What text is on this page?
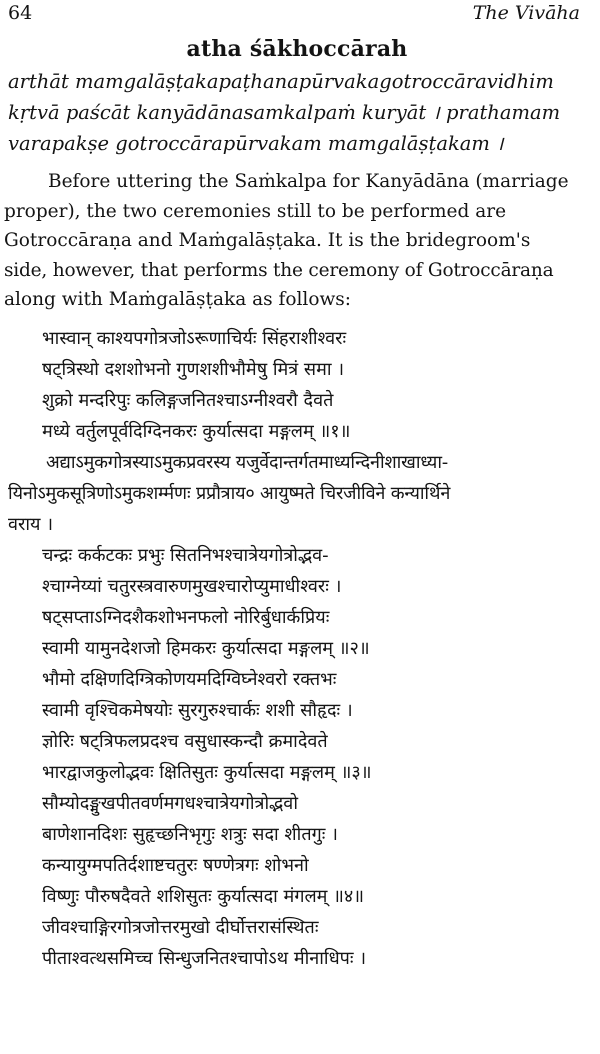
64	The Vivāha
atha śākhoccārah
arthāt mamgalāṣṭakapaṭhanapūrvakagotroccāravidhim
kṛtvā paścāt kanyādānasamkalpaṁ kuryāt । prathamam
varapakṣe gotroccārapūrvakam mamgalāṣṭakam ।
Before uttering the Saṁkalpa for Kanyādāna (marriage
proper), the two ceremonies still to be performed are
Gotroccāraṇa and Maṁgalāṣṭaka. It is the bridegroom's
side, however, that performs the ceremony of Gotroccāraṇa
along with Maṁgalāṣṭaka as follows:
भास्वान् काश्यपगोत्रजोऽरूणाचिर्यः सिंहराशीश्वरः
षट्त्रिस्थो दशशोभनो गुणशशीभौमेषु मित्रं समा ।
शुक्रो मन्दरिपुः कलिङ्गजनितश्चाऽग्नीश्वरौ दैवते
मध्ये वर्तुलपूर्वदिग्दिनकरः कुर्यात्सदा मङ्गलम् ॥१॥
अद्याऽमुकगोत्रस्याऽमुकप्रवरस्य यजुर्वेदान्तर्गतमाध्यन्दिनीशाखाध्या-
यिनोऽमुकसूत्रिणोऽमुकशर्म्मणः प्रप्रौत्राय० आयुष्मते चिरजीविने कन्यार्थिने
वराय ।
चन्द्रः कर्कटकः प्रभुः सितनिभश्चात्रेयगोत्रोद्भव-
श्चाग्नेय्यां चतुरस्त्रवारुणमुखश्चारोप्युमाधीश्वरः ।
षट्सप्ताऽग्निदशैकशोभनफलो नोरिर्बुधार्कप्रियः
स्वामी यामुनदेशजो हिमकरः कुर्यात्सदा मङ्गलम् ॥२॥
भौमो दक्षिणदिग्त्रिकोणयमदिग्विघ्नेश्वरो रक्तभः
स्वामी वृश्चिकमेषयोः सुरगुरुश्चार्कः शशी सौहृदः ।
ज्ञोरिः षट्त्रिफलप्रदश्च वसुधास्कन्दौ क्रमादेवते
भारद्वाजकुलोद्भवः क्षितिसुतः कुर्यात्सदा मङ्गलम् ॥३॥
सौम्योदङ्मुखपीतवर्णमगधश्चात्रेयगोत्रोद्भवो
बाणेशानदिशः सुहृच्छनिभृगुः शत्रुः सदा शीतगुः ।
कन्यायुग्मपतिर्दशाष्टचतुरः षण्णेत्रगः शोभनो
विष्णुः पौरुषदैवते शशिसुतः कुर्यात्सदा मंगलम् ॥४॥
जीवश्चाङ्गिरगोत्रजोत्तरमुखो दीर्घोत्तरासंस्थितः
पीताश्वत्थसमिच्च सिन्धुजनितश्चापोऽथ मीनाधिपः ।
